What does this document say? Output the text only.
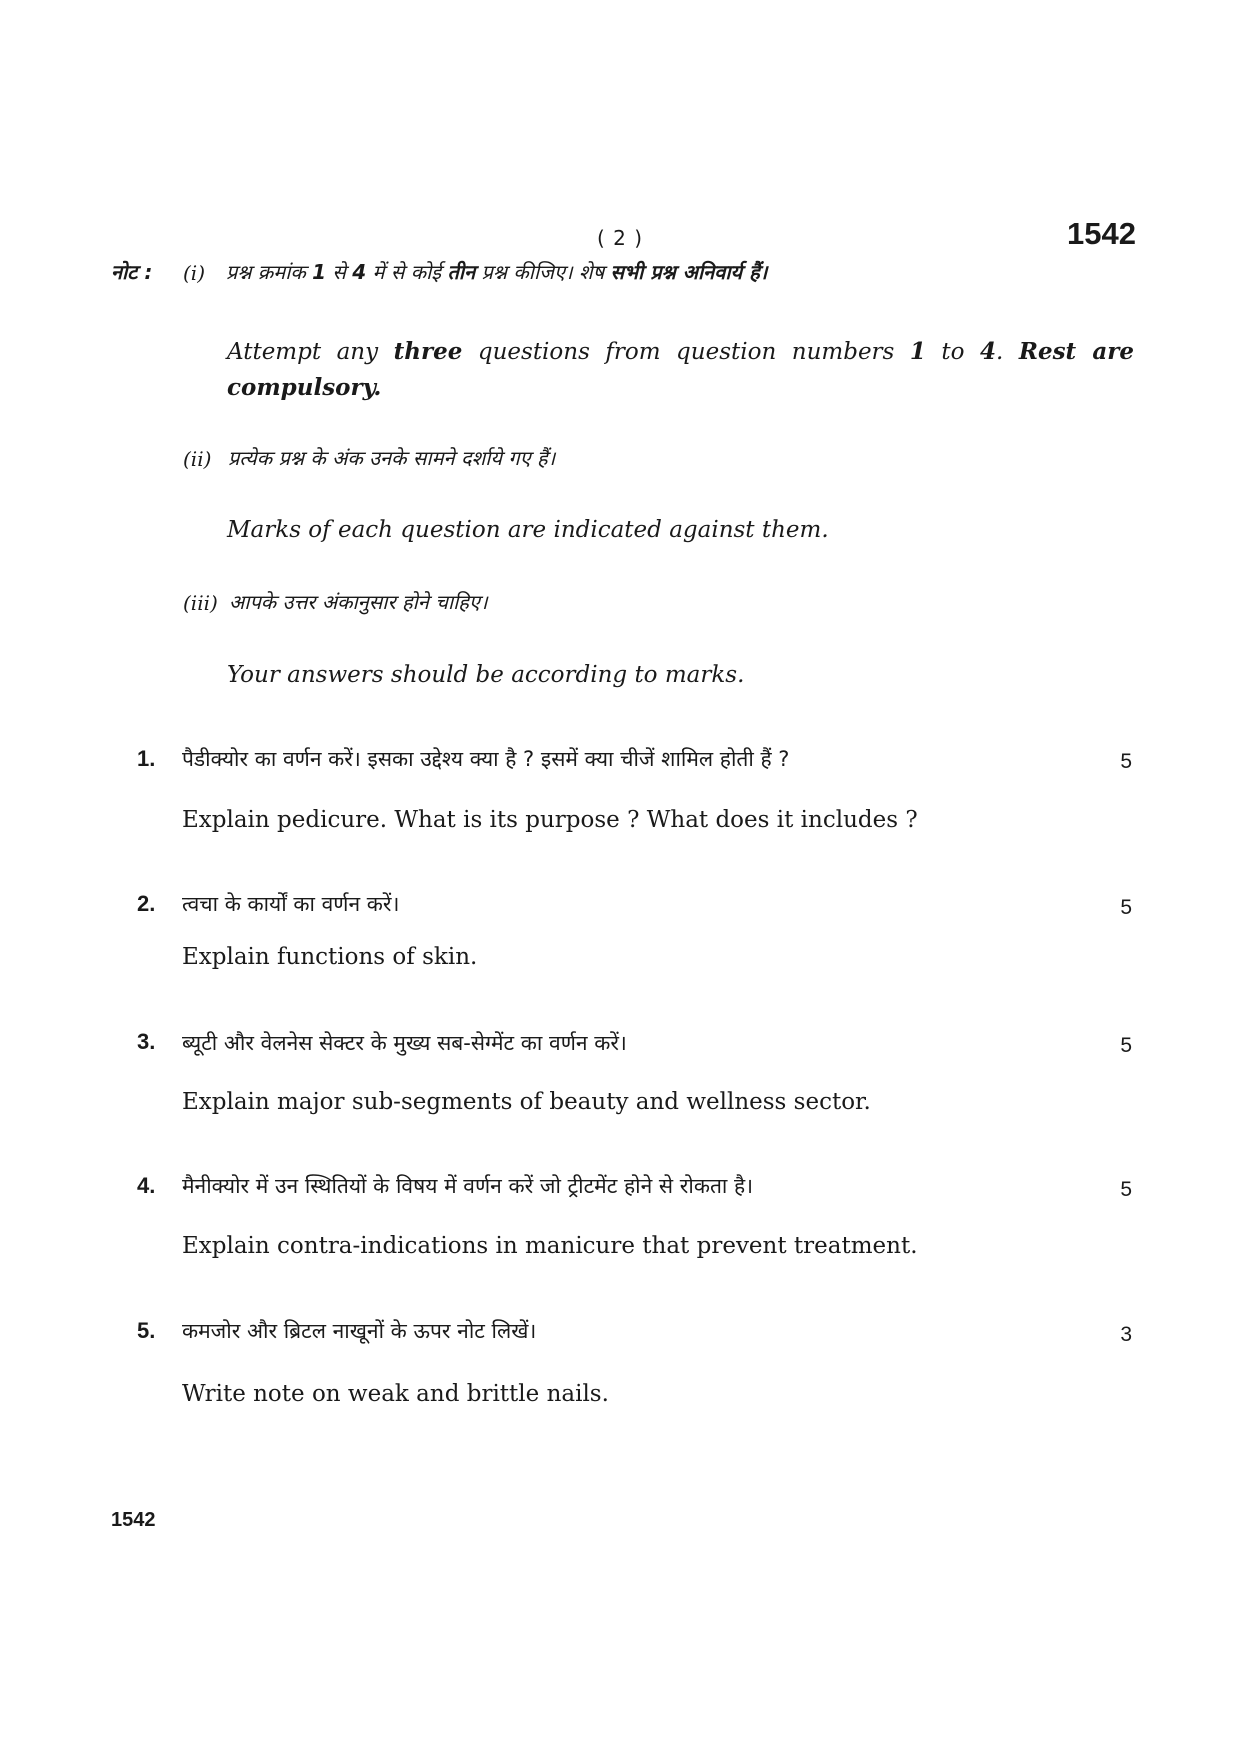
( 2 )	1542
नोट : (i) प्रश्न क्रमांक 1 से 4 में से कोई तीन प्रश्न कीजिए। शेष सभी प्रश्न अनिवार्य हैं।
Attempt any three questions from question numbers 1 to 4. Rest are
compulsory.
(ii) प्रत्येक प्रश्न के अंक उनके सामने दर्शाये गए हैं।
Marks of each question are indicated against them.
(iii) आपके उत्तर अंकानुसार होने चाहिए।
Your answers should be according to marks.
1. पैडीक्योर का वर्णन करें। इसका उद्देश्य क्या है ? इसमें क्या चीजें शामिल होती हैं ?	5
Explain pedicure. What is its purpose ? What does it includes ?
2. त्वचा के कार्यों का वर्णन करें।	5
Explain functions of skin.
3. ब्यूटी और वेलनेस सेक्टर के मुख्य सब-सेग्मेंट का वर्णन करें।	5
Explain major sub-segments of beauty and wellness sector.
4. मैनीक्योर में उन स्थितियों के विषय में वर्णन करें जो ट्रीटमेंट होने से रोकता है।	5
Explain contra-indications in manicure that prevent treatment.
5. कमजोर और ब्रिटल नाखूनों के ऊपर नोट लिखें।	3
Write note on weak and brittle nails.
1542
